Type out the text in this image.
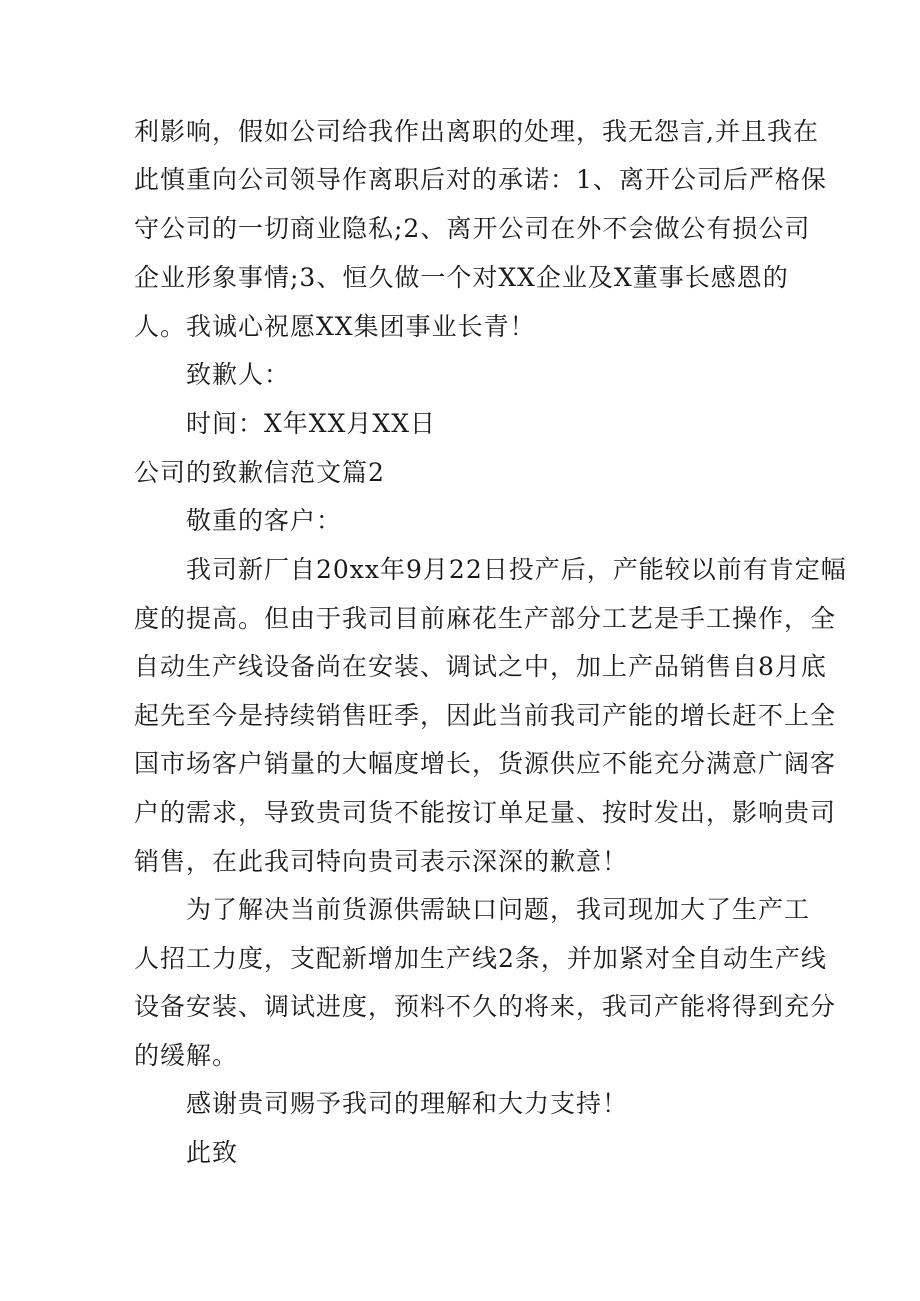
利影响，假如公司给我作出离职的处理，我无怨言,并且我在
此慎重向公司领导作离职后对的承诺：1、离开公司后严格保
守公司的一切商业隐私;2、离开公司在外不会做公有损公司
企业形象事情;3、恒久做一个对XX企业及X董事长感恩的
人。我诚心祝愿XX集团事业长青！
致歉人：
时间：X年XX月XX日
公司的致歉信范文篇2
敬重的客户：
我司新厂自20xx年9月22日投产后，产能较以前有肯定幅
度的提高。但由于我司目前麻花生产部分工艺是手工操作，全
自动生产线设备尚在安装、调试之中，加上产品销售自8月底
起先至今是持续销售旺季，因此当前我司产能的增长赶不上全
国市场客户销量的大幅度增长，货源供应不能充分满意广阔客
户的需求，导致贵司货不能按订单足量、按时发出，影响贵司
销售，在此我司特向贵司表示深深的歉意！
为了解决当前货源供需缺口问题，我司现加大了生产工
人招工力度，支配新增加生产线2条，并加紧对全自动生产线
设备安装、调试进度，预料不久的将来，我司产能将得到充分
的缓解。
感谢贵司赐予我司的理解和大力支持！
此致
